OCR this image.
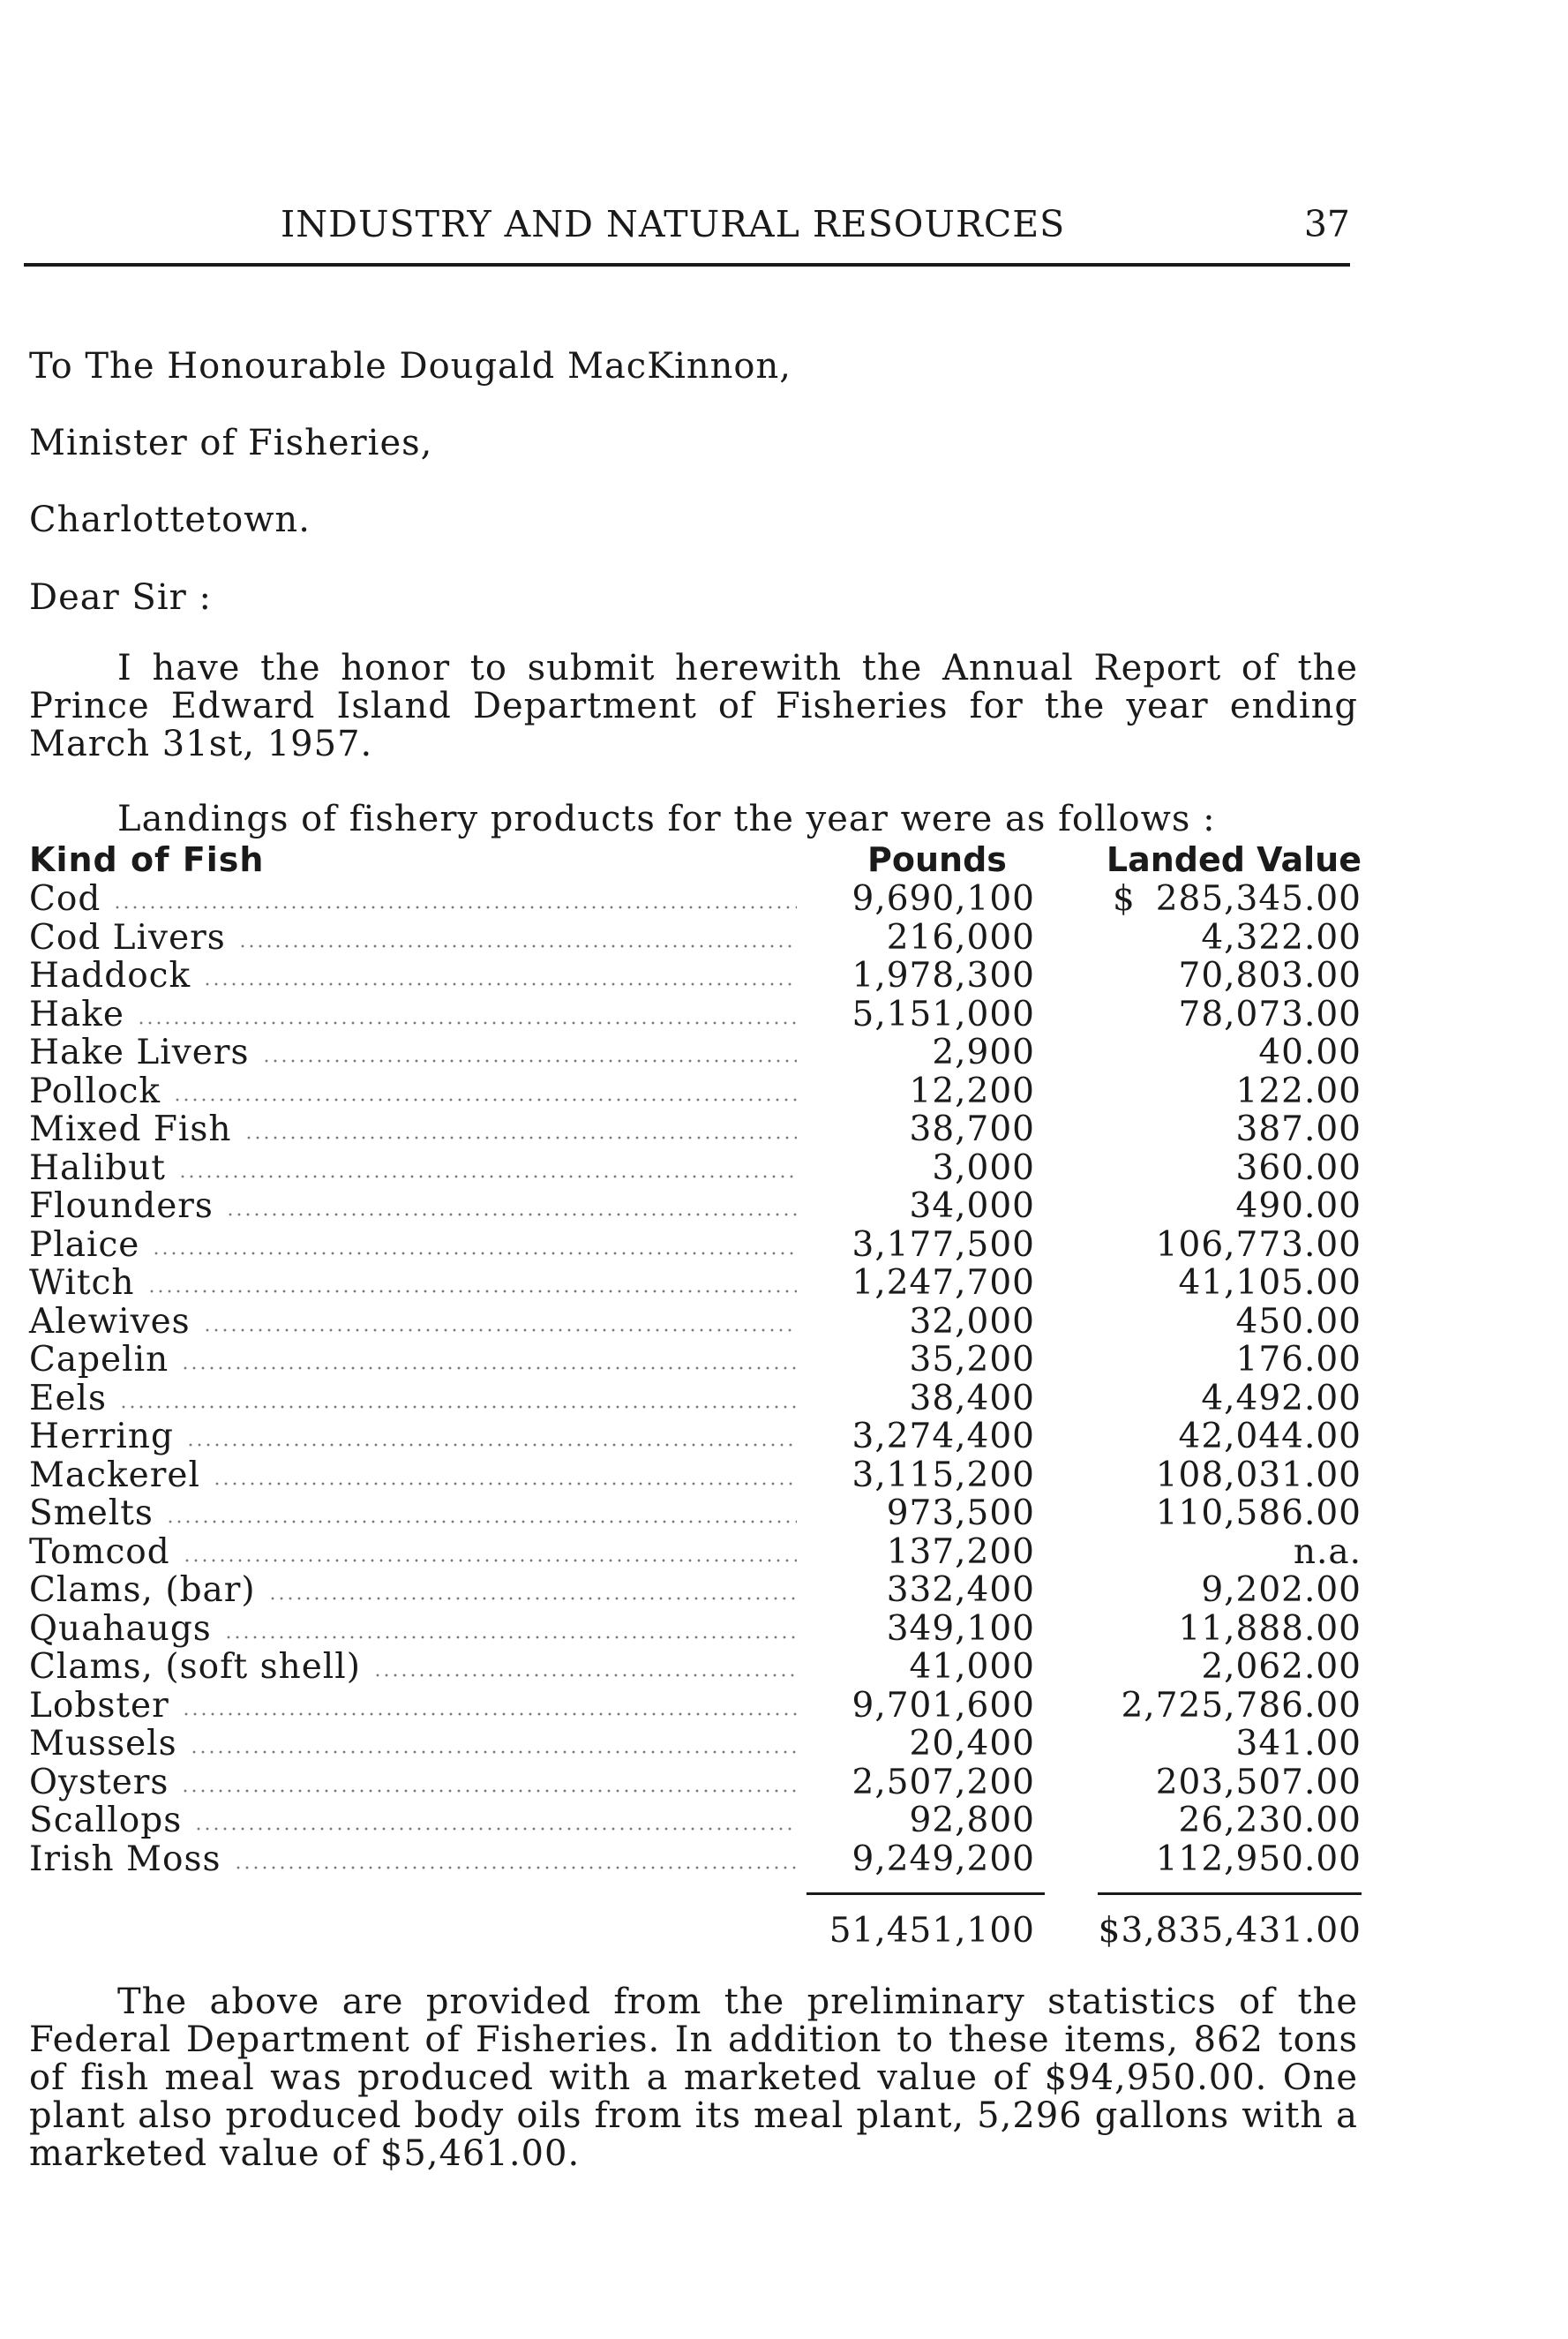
INDUSTRY AND NATURAL RESOURCES	37
To The Honourable Dougald MacKinnon,
Minister of Fisheries,
Charlottetown.
Dear Sir :

I have the honor to submit herewith the Annual Report of the Prince Edward Island Department of Fisheries for the year ending March 31st, 1957.

Landings of fishery products for the year were as follows :
Kind of Fish	Pounds	Landed Value
Cod	9,690,100 $ 285,345.00
Cod Livers	216,000	4,322.00
Haddock	1,978,300	70,803.00
Hake	5,151,000	78,073.00
Hake Livers	2,900	40.00
Pollock	12,200	122.00
Mixed Fish	38,700	387.00
Halibut	3,000	360.00
Flounders	34,000	490.00
Plaice	3,177,500	106,773.00
Witch	1,247,700	41,105.00
Alewives	32,000	450.00
Capelin	35,200	176.00
Eels	38,400	4,492.00
Herring	3,274,400	42,044.00
Mackerel	3,115,200	108,031.00
Smelts	973,500	110,586.00
Tomcod	137,200	n.a.
Clams, (bar)	332,400	9,202.00
Quahaugs	349,100	11,888.00
Clams, (soft shell)	41,000	2,062.00
Lobster	9,701,600 2,725,786.00
Mussels	20,400	341.00
Oysters	2,507,200	203,507.00
Scallops	92,800	26,230.00
Irish Moss	9,249,200	112,950.00
51,451,100 $3,835,431.00

The above are provided from the preliminary statistics of the Federal Department of Fisheries. In addition to these items, 862 tons of fish meal was produced with a marketed value of $94,950.00. One plant also produced body oils from its meal plant, 5,296 gallons with a marketed value of $5,461.00.
